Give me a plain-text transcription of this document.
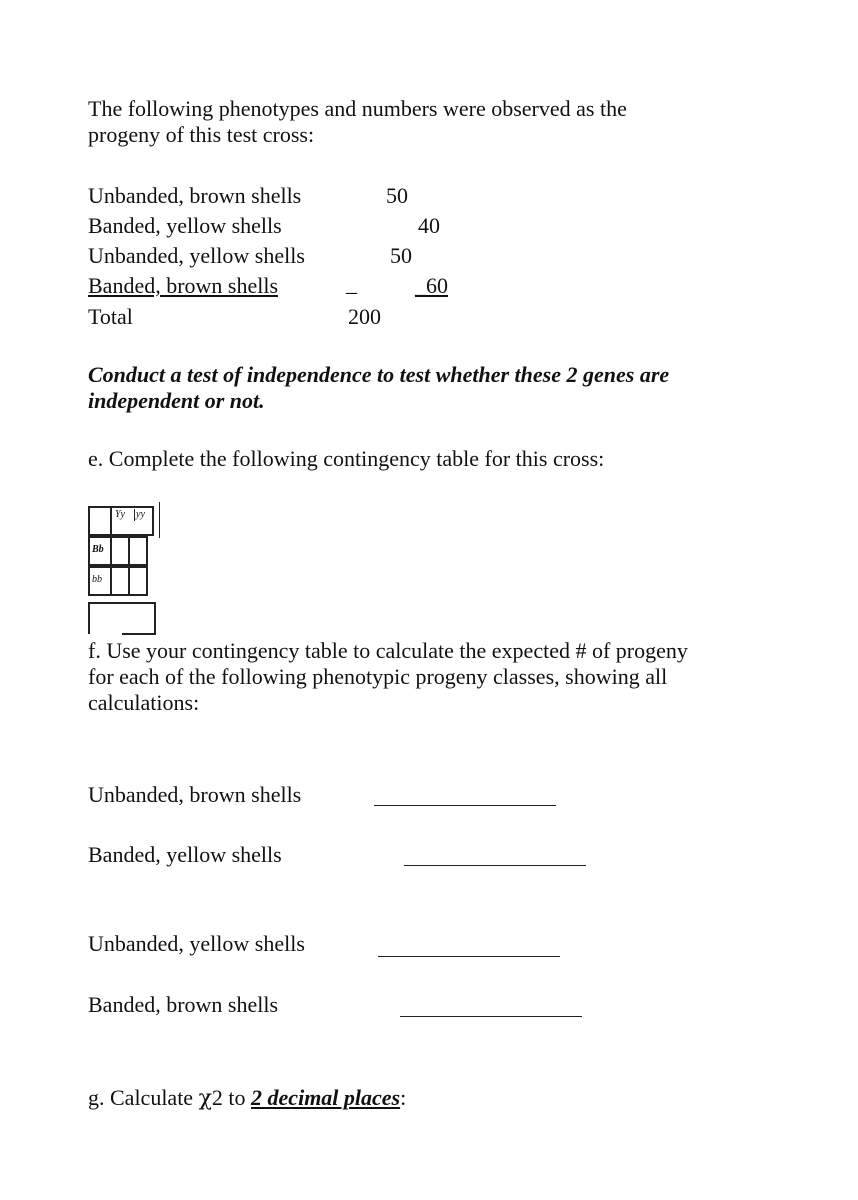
The following phenotypes and numbers were observed as the
progeny of this test cross:
Unbanded, brown shells	50
Banded, yellow shells	40
Unbanded, yellow shells	50
Banded, brown shells	_	_60
Total	200
Conduct a test of independence to test whether these 2 genes are
independent or not.
e. Complete the following contingency table for this cross:
Yy yy
Bb
bb
f. Use your contingency table to calculate the expected # of progeny
for each of the following phenotypic progeny classes, showing all
calculations:
Unbanded, brown shells
Banded, yellow shells
Unbanded, yellow shells
Banded, brown shells
g. Calculate χ2 to 2 decimal places:
